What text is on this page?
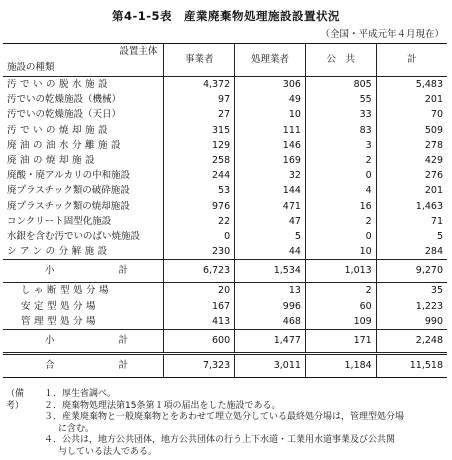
第4-1-5表　産業廃棄物処理施設設置状況
（全国・平成元年４月現在）
設置主体	事業者	処理業者	公　共	計
施設の種類				
汚でいの脱水施設	4,372	306	805	5,483
汚でいの乾燥施設（機械）	97	49	55	201
汚でいの乾燥施設（天日）	27	10	33	70
汚でいの焼却施設	315	111	83	509
廃油の油水分離施設	129	146	3	278
廃油の焼却施設	258	169	2	429
廃酸・廃アルカリの中和施設	244	32	0	276
廃プラスチック類の破砕施設	53	144	4	201
廃プラスチック類の焼却施設	976	471	16	1,463
コンクリート固型化施設	22	47	2	71
水銀を含む汚でいのばい焼施設	0	5	0	5
シアンの分解施設	230	44	10	284
小 計	6,723	1,534	1,013	9,270
しゃ断型処分場	20	13	2	35
安定型処分場	167	996	60	1,223
管理型処分場	413	468	109	990
小 計	600	1,477	171	2,248
合 計	7,323	3,011	1,184	11,518
（備考）
１．厚生省調べ。
２．廃棄物処理法第15条第１項の届出をした施設である。
３．産業廃棄物と一般廃棄物とをあわせて埋立処分している最終処分場は，管理型処分場
に含む。
４．公共は，地方公共団体，地方公共団体の行う上下水道・工業用水道事業及び公共関
与している法人である。
